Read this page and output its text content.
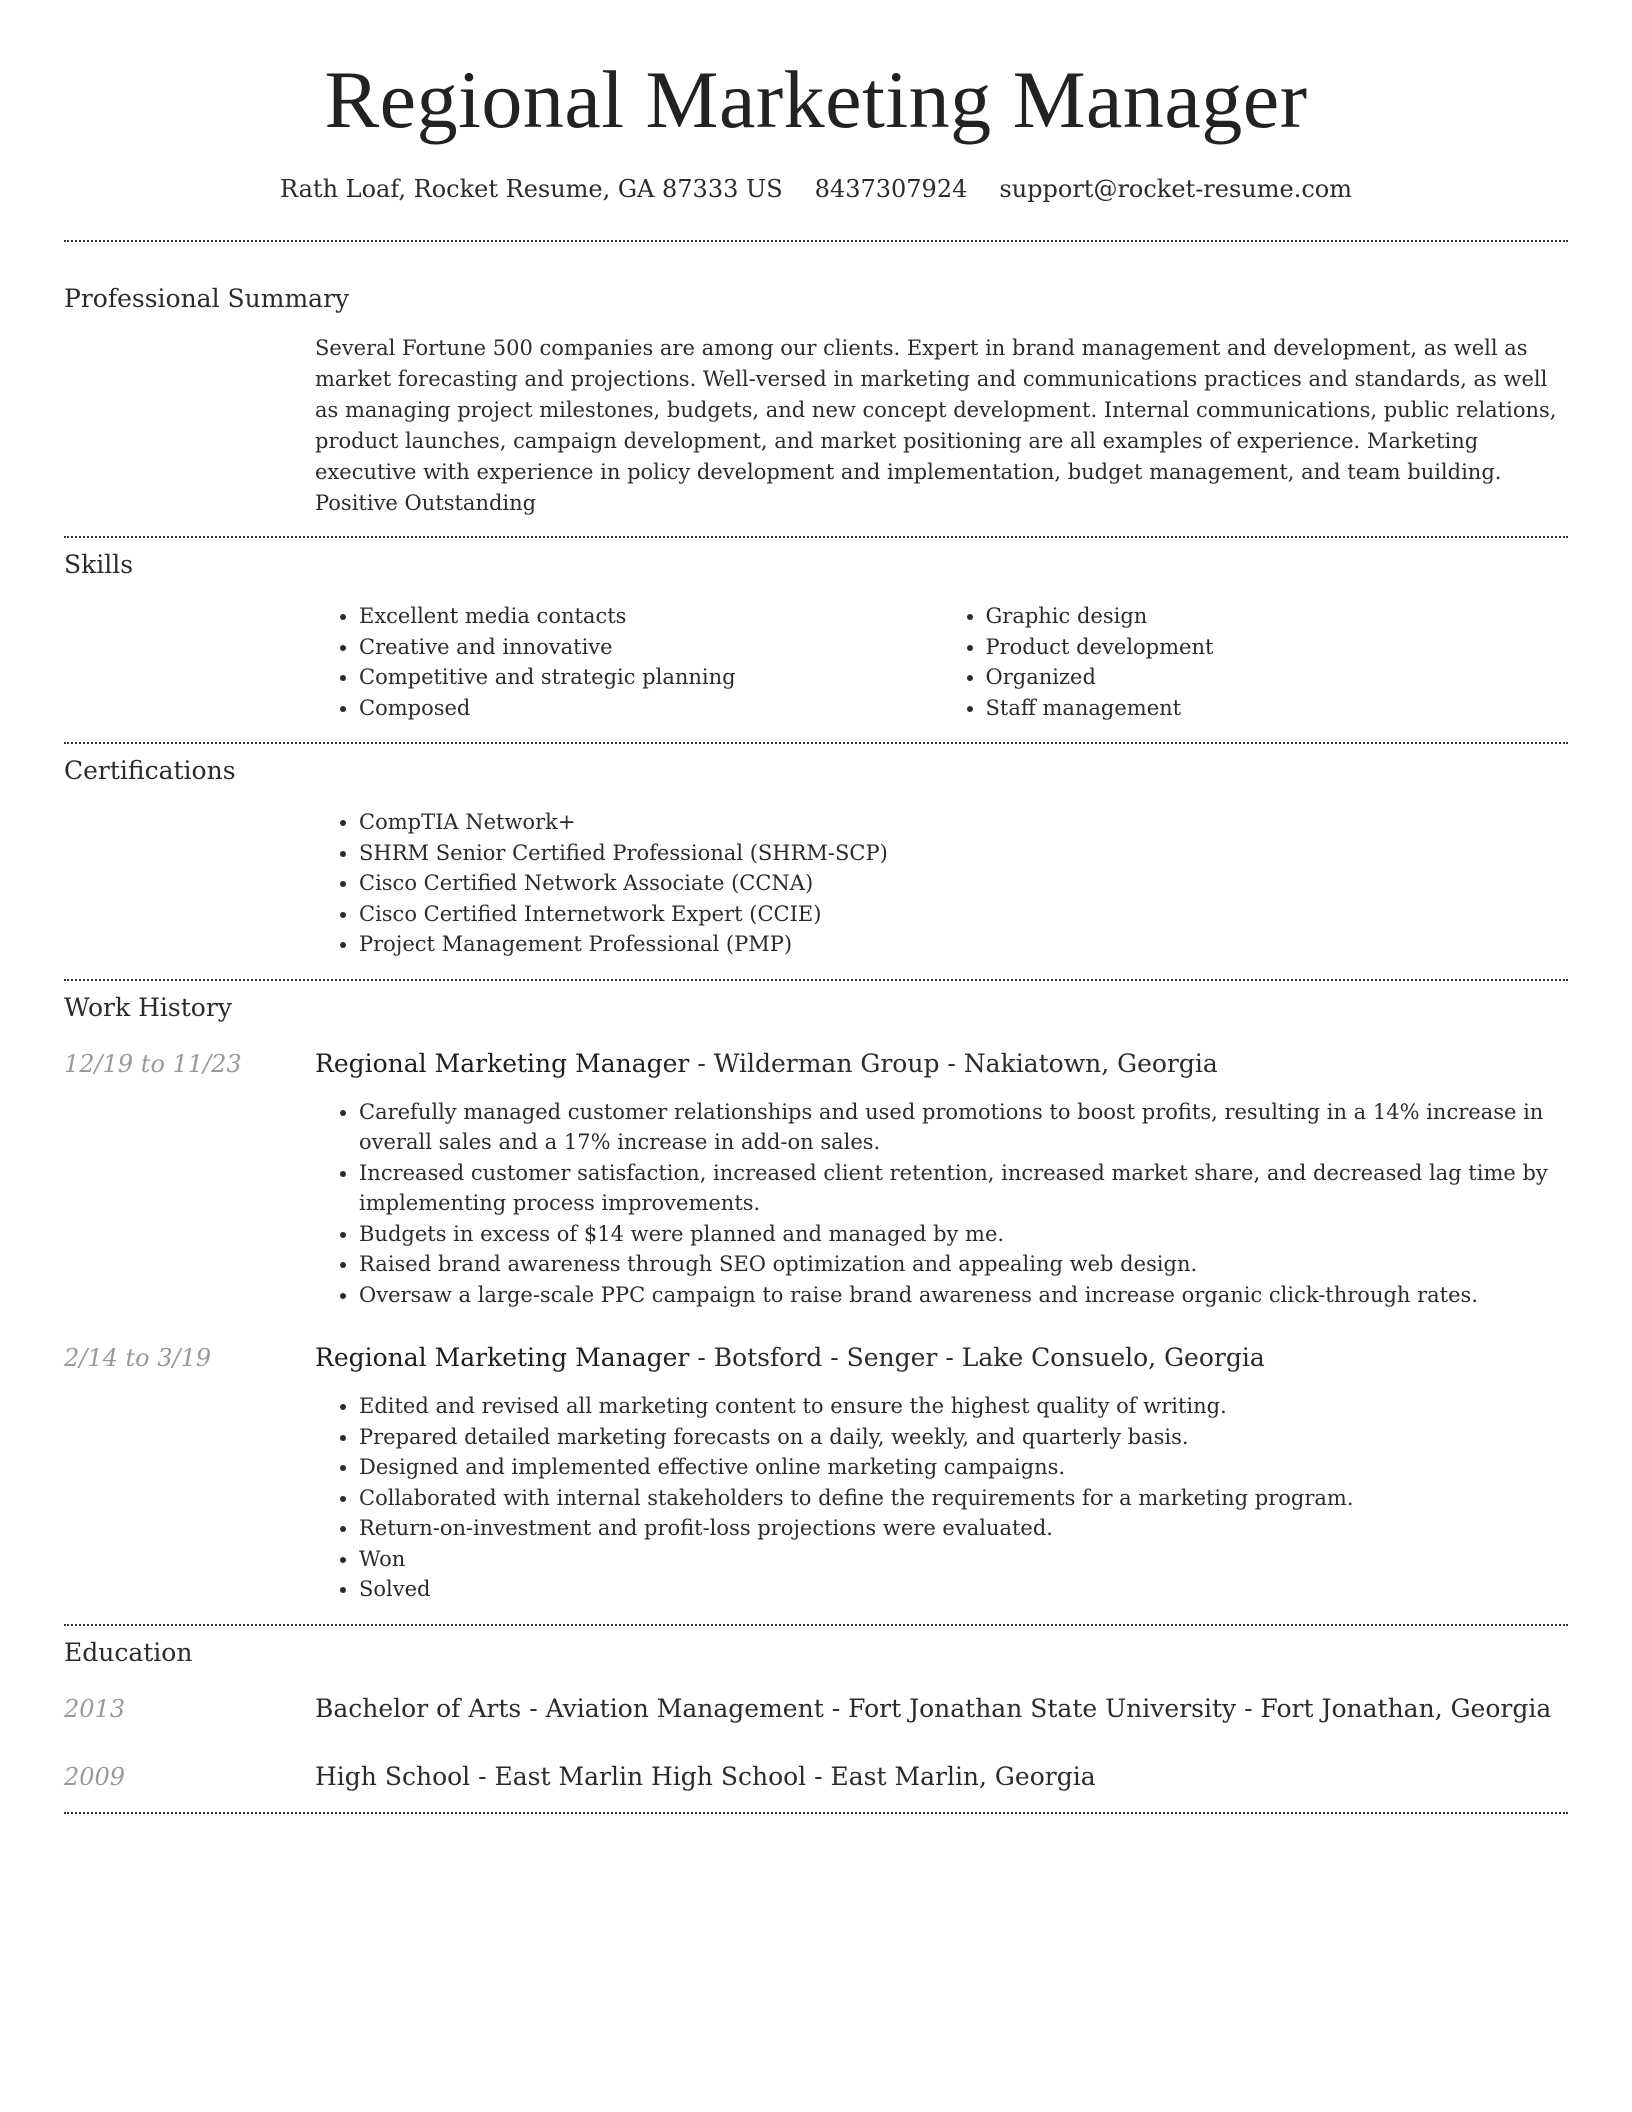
Regional Marketing Manager
Rath Loaf, Rocket Resume, GA 87333 US 8437307924 support@rocket-resume.com
Professional Summary
Several Fortune 500 companies are among our clients. Expert in brand management and development, as well as market forecasting and projections. Well-versed in marketing and communications practices and standards, as well as managing project milestones, budgets, and new concept development. Internal communications, public relations, product launches, campaign development, and market positioning are all examples of experience. Marketing executive with experience in policy development and implementation, budget management, and team building. Positive Outstanding
Skills
• Excellent media contacts
• Creative and innovative
• Competitive and strategic planning
• Composed
• Graphic design
• Product development
• Organized
• Staff management
Certifications
• CompTIA Network+
• SHRM Senior Certified Professional (SHRM-SCP)
• Cisco Certified Network Associate (CCNA)
• Cisco Certified Internetwork Expert (CCIE)
• Project Management Professional (PMP)
Work History
12/19 to 11/23	Regional Marketing Manager - Wilderman Group - Nakiatown, Georgia
• Carefully managed customer relationships and used promotions to boost profits, resulting in a 14% increase in overall sales and a 17% increase in add-on sales.
• Increased customer satisfaction, increased client retention, increased market share, and decreased lag time by implementing process improvements.
• Budgets in excess of $14 were planned and managed by me.
• Raised brand awareness through SEO optimization and appealing web design.
• Oversaw a large-scale PPC campaign to raise brand awareness and increase organic click-through rates.
2/14 to 3/19	Regional Marketing Manager - Botsford - Senger - Lake Consuelo, Georgia
• Edited and revised all marketing content to ensure the highest quality of writing.
• Prepared detailed marketing forecasts on a daily, weekly, and quarterly basis.
• Designed and implemented effective online marketing campaigns.
• Collaborated with internal stakeholders to define the requirements for a marketing program.
• Return-on-investment and profit-loss projections were evaluated.
• Won
• Solved
Education
2013	Bachelor of Arts - Aviation Management - Fort Jonathan State University - Fort Jonathan, Georgia
2009	High School - East Marlin High School - East Marlin, Georgia
